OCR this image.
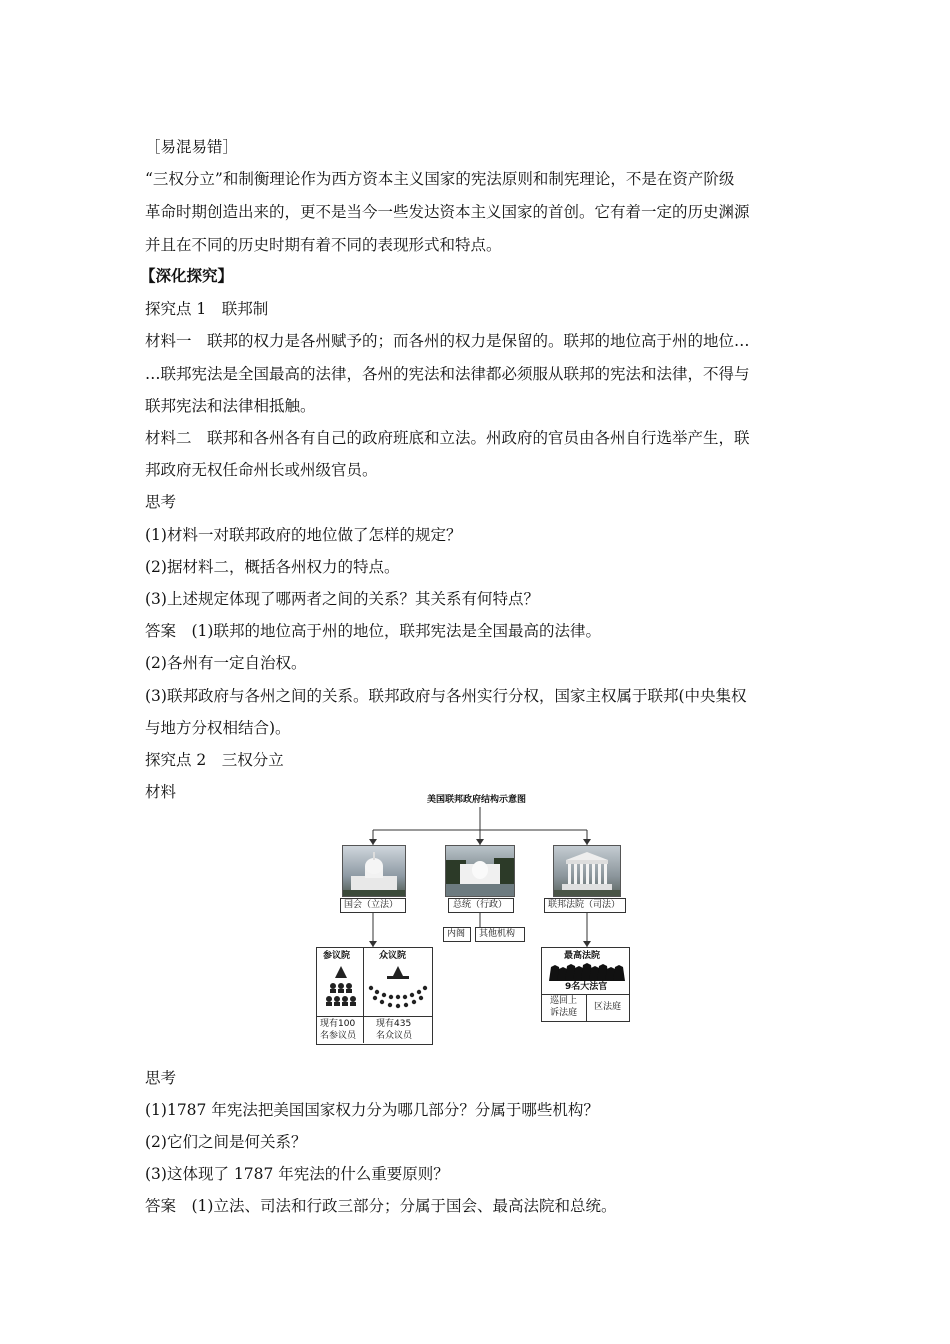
［易混易错］
“三权分立”和制衡理论作为西方资本主义国家的宪法原则和制宪理论，不是在资产阶级
革命时期创造出来的，更不是当今一些发达资本主义国家的首创。它有着一定的历史渊源
并且在不同的历史时期有着不同的表现形式和特点。
【深化探究】
探究点 1　联邦制
材料一　联邦的权力是各州赋予的；而各州的权力是保留的。联邦的地位高于州的地位…
…联邦宪法是全国最高的法律，各州的宪法和法律都必须服从联邦的宪法和法律，不得与
联邦宪法和法律相抵触。
材料二　联邦和各州各有自己的政府班底和立法。州政府的官员由各州自行选举产生，联
邦政府无权任命州长或州级官员。
思考
(1)材料一对联邦政府的地位做了怎样的规定？
(2)据材料二，概括各州权力的特点。
(3)上述规定体现了哪两者之间的关系？其关系有何特点？
答案　(1)联邦的地位高于州的地位，联邦宪法是全国最高的法律。
(2)各州有一定自治权。
(3)联邦政府与各州之间的关系。联邦政府与各州实行分权，国家主权属于联邦(中央集权
与地方分权相结合)。
探究点 2　三权分立
材料	美国联邦政府结构示意图
国会（立法）	总统（行政）	联邦法院（司法）
内阁 其他机构
参议院	众议院
现有100
名参议员
现有435
名众议员
最高法院
9名大法官
巡回上
诉法庭
区法庭
思考
(1)1787 年宪法把美国国家权力分为哪几部分？分属于哪些机构？
(2)它们之间是何关系？
(3)这体现了 1787 年宪法的什么重要原则？
答案　(1)立法、司法和行政三部分；分属于国会、最高法院和总统。
